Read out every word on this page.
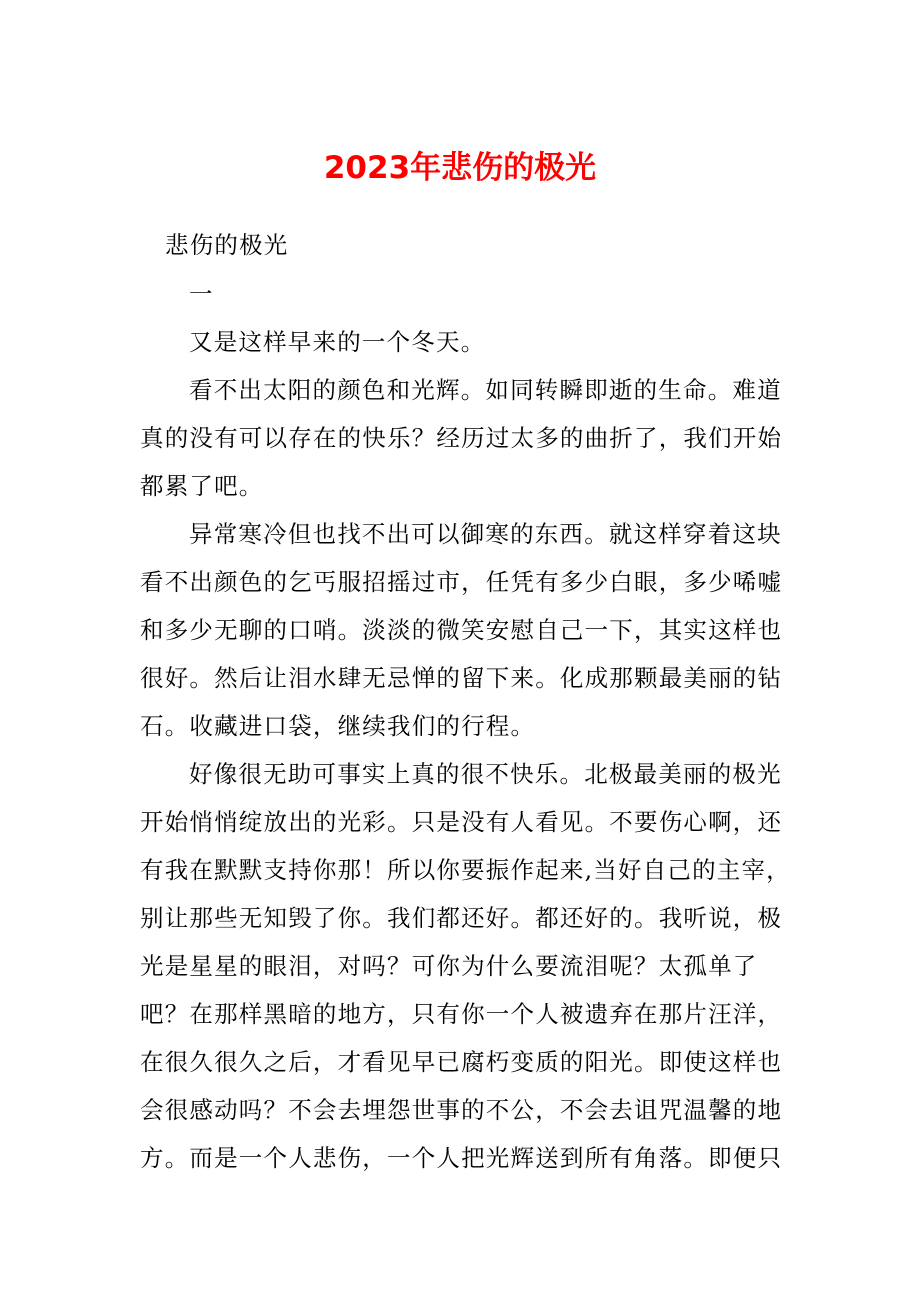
2023年悲伤的极光
悲伤的极光
一
又是这样早来的一个冬天。
看不出太阳的颜色和光辉。如同转瞬即逝的生命。难道
真的没有可以存在的快乐？经历过太多的曲折了，我们开始
都累了吧。
异常寒冷但也找不出可以御寒的东西。就这样穿着这块
看不出颜色的乞丐服招摇过市，任凭有多少白眼，多少唏嘘
和多少无聊的口哨。淡淡的微笑安慰自己一下，其实这样也
很好。然后让泪水肆无忌惮的留下来。化成那颗最美丽的钻
石。收藏进口袋，继续我们的行程。
好像很无助可事实上真的很不快乐。北极最美丽的极光
开始悄悄绽放出的光彩。只是没有人看见。不要伤心啊，还
有我在默默支持你那！所以你要振作起来,当好自己的主宰，
别让那些无知毁了你。我们都还好。都还好的。我听说，极
光是星星的眼泪，对吗？可你为什么要流泪呢？太孤单了
吧？在那样黑暗的地方，只有你一个人被遗弃在那片汪洋，
在很久很久之后，才看见早已腐朽变质的阳光。即使这样也
会很感动吗？不会去埋怨世事的不公，不会去诅咒温馨的地
方。而是一个人悲伤，一个人把光辉送到所有角落。即便只
